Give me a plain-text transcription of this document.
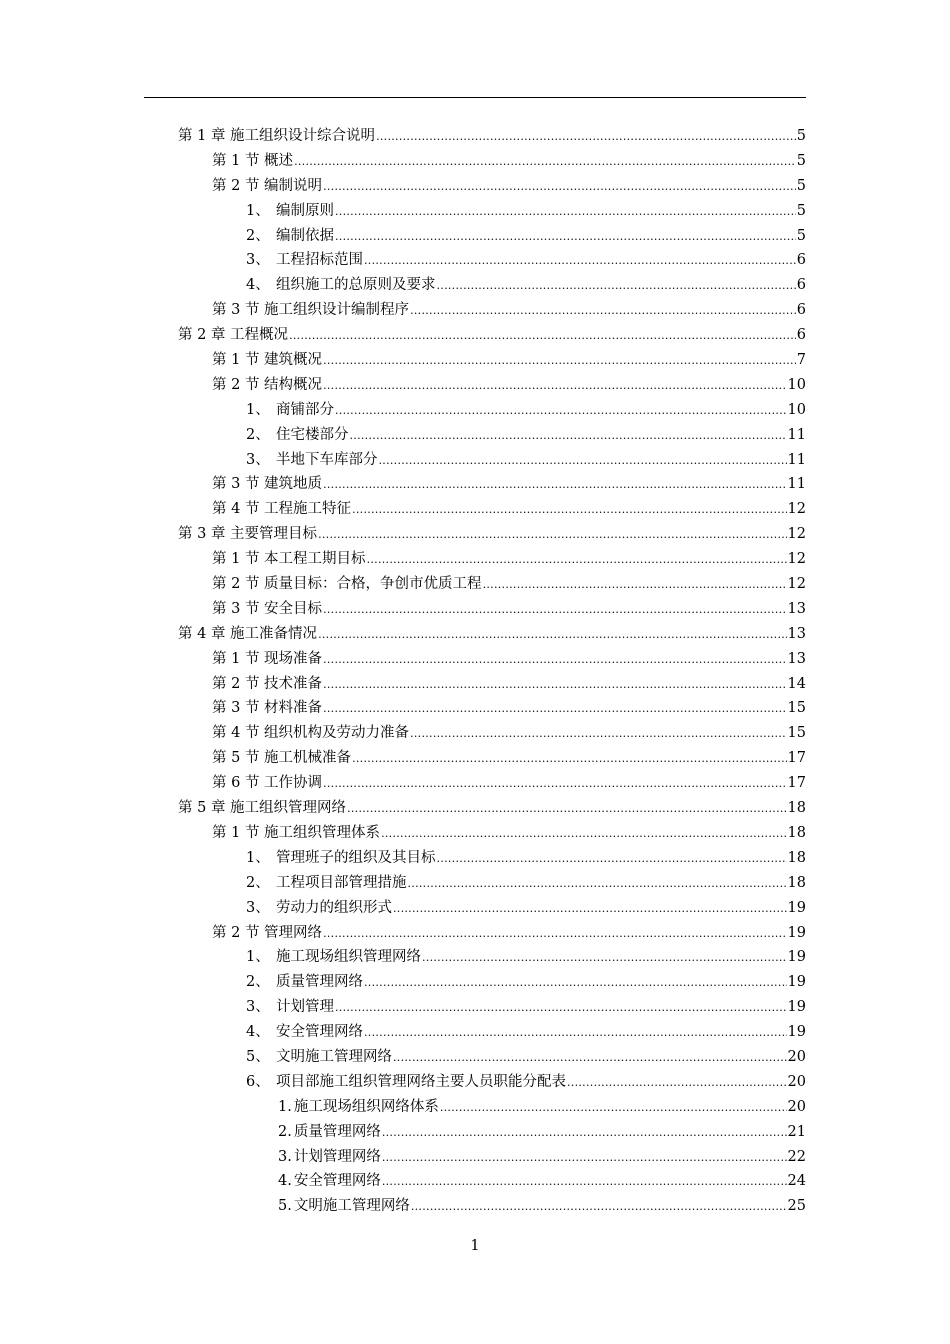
第 1 章 施工组织设计综合说明 .....	5
第 1 节 概述 .....	5
第 2 节 编制说明 .....	5
1、 编制原则 .....	5
2、 编制依据 .....	5
3、 工程招标范围 .....	6
4、 组织施工的总原则及要求 .....	6
第 3 节 施工组织设计编制程序 .....	6
第 2 章 工程概况 .....	6
第 1 节 建筑概况 .....	7
第 2 节 结构概况 .....	10
1、 商铺部分 .....	10
2、 住宅楼部分 .....	11
3、 半地下车库部分 .....	11
第 3 节 建筑地质 .....	11
第 4 节 工程施工特征 .....	12
第 3 章 主要管理目标 .....	12
第 1 节 本工程工期目标 .....	12
第 2 节 质量目标：合格，争创市优质工程 .....	12
第 3 节 安全目标 .....	13
第 4 章 施工准备情况 .....	13
第 1 节 现场准备 .....	13
第 2 节 技术准备 .....	14
第 3 节 材料准备 .....	15
第 4 节 组织机构及劳动力准备 .....	15
第 5 节 施工机械准备 .....	17
第 6 节 工作协调 .....	17
第 5 章 施工组织管理网络 .....	18
第 1 节 施工组织管理体系 .....	18
1、 管理班子的组织及其目标 .....	18
2、 工程项目部管理措施 .....	18
3、 劳动力的组织形式 .....	19
第 2 节 管理网络 .....	19
1、 施工现场组织管理网络 .....	19
2、 质量管理网络 .....	19
3、 计划管理 .....	19
4、 安全管理网络 .....	19
5、 文明施工管理网络 .....	20
6、 项目部施工组织管理网络主要人员职能分配表 .....	20
1. 施工现场组织网络体系 .....	20
2. 质量管理网络 .....	21
3. 计划管理网络 .....	22
4. 安全管理网络 .....	24
5. 文明施工管理网络 .....	25
1
